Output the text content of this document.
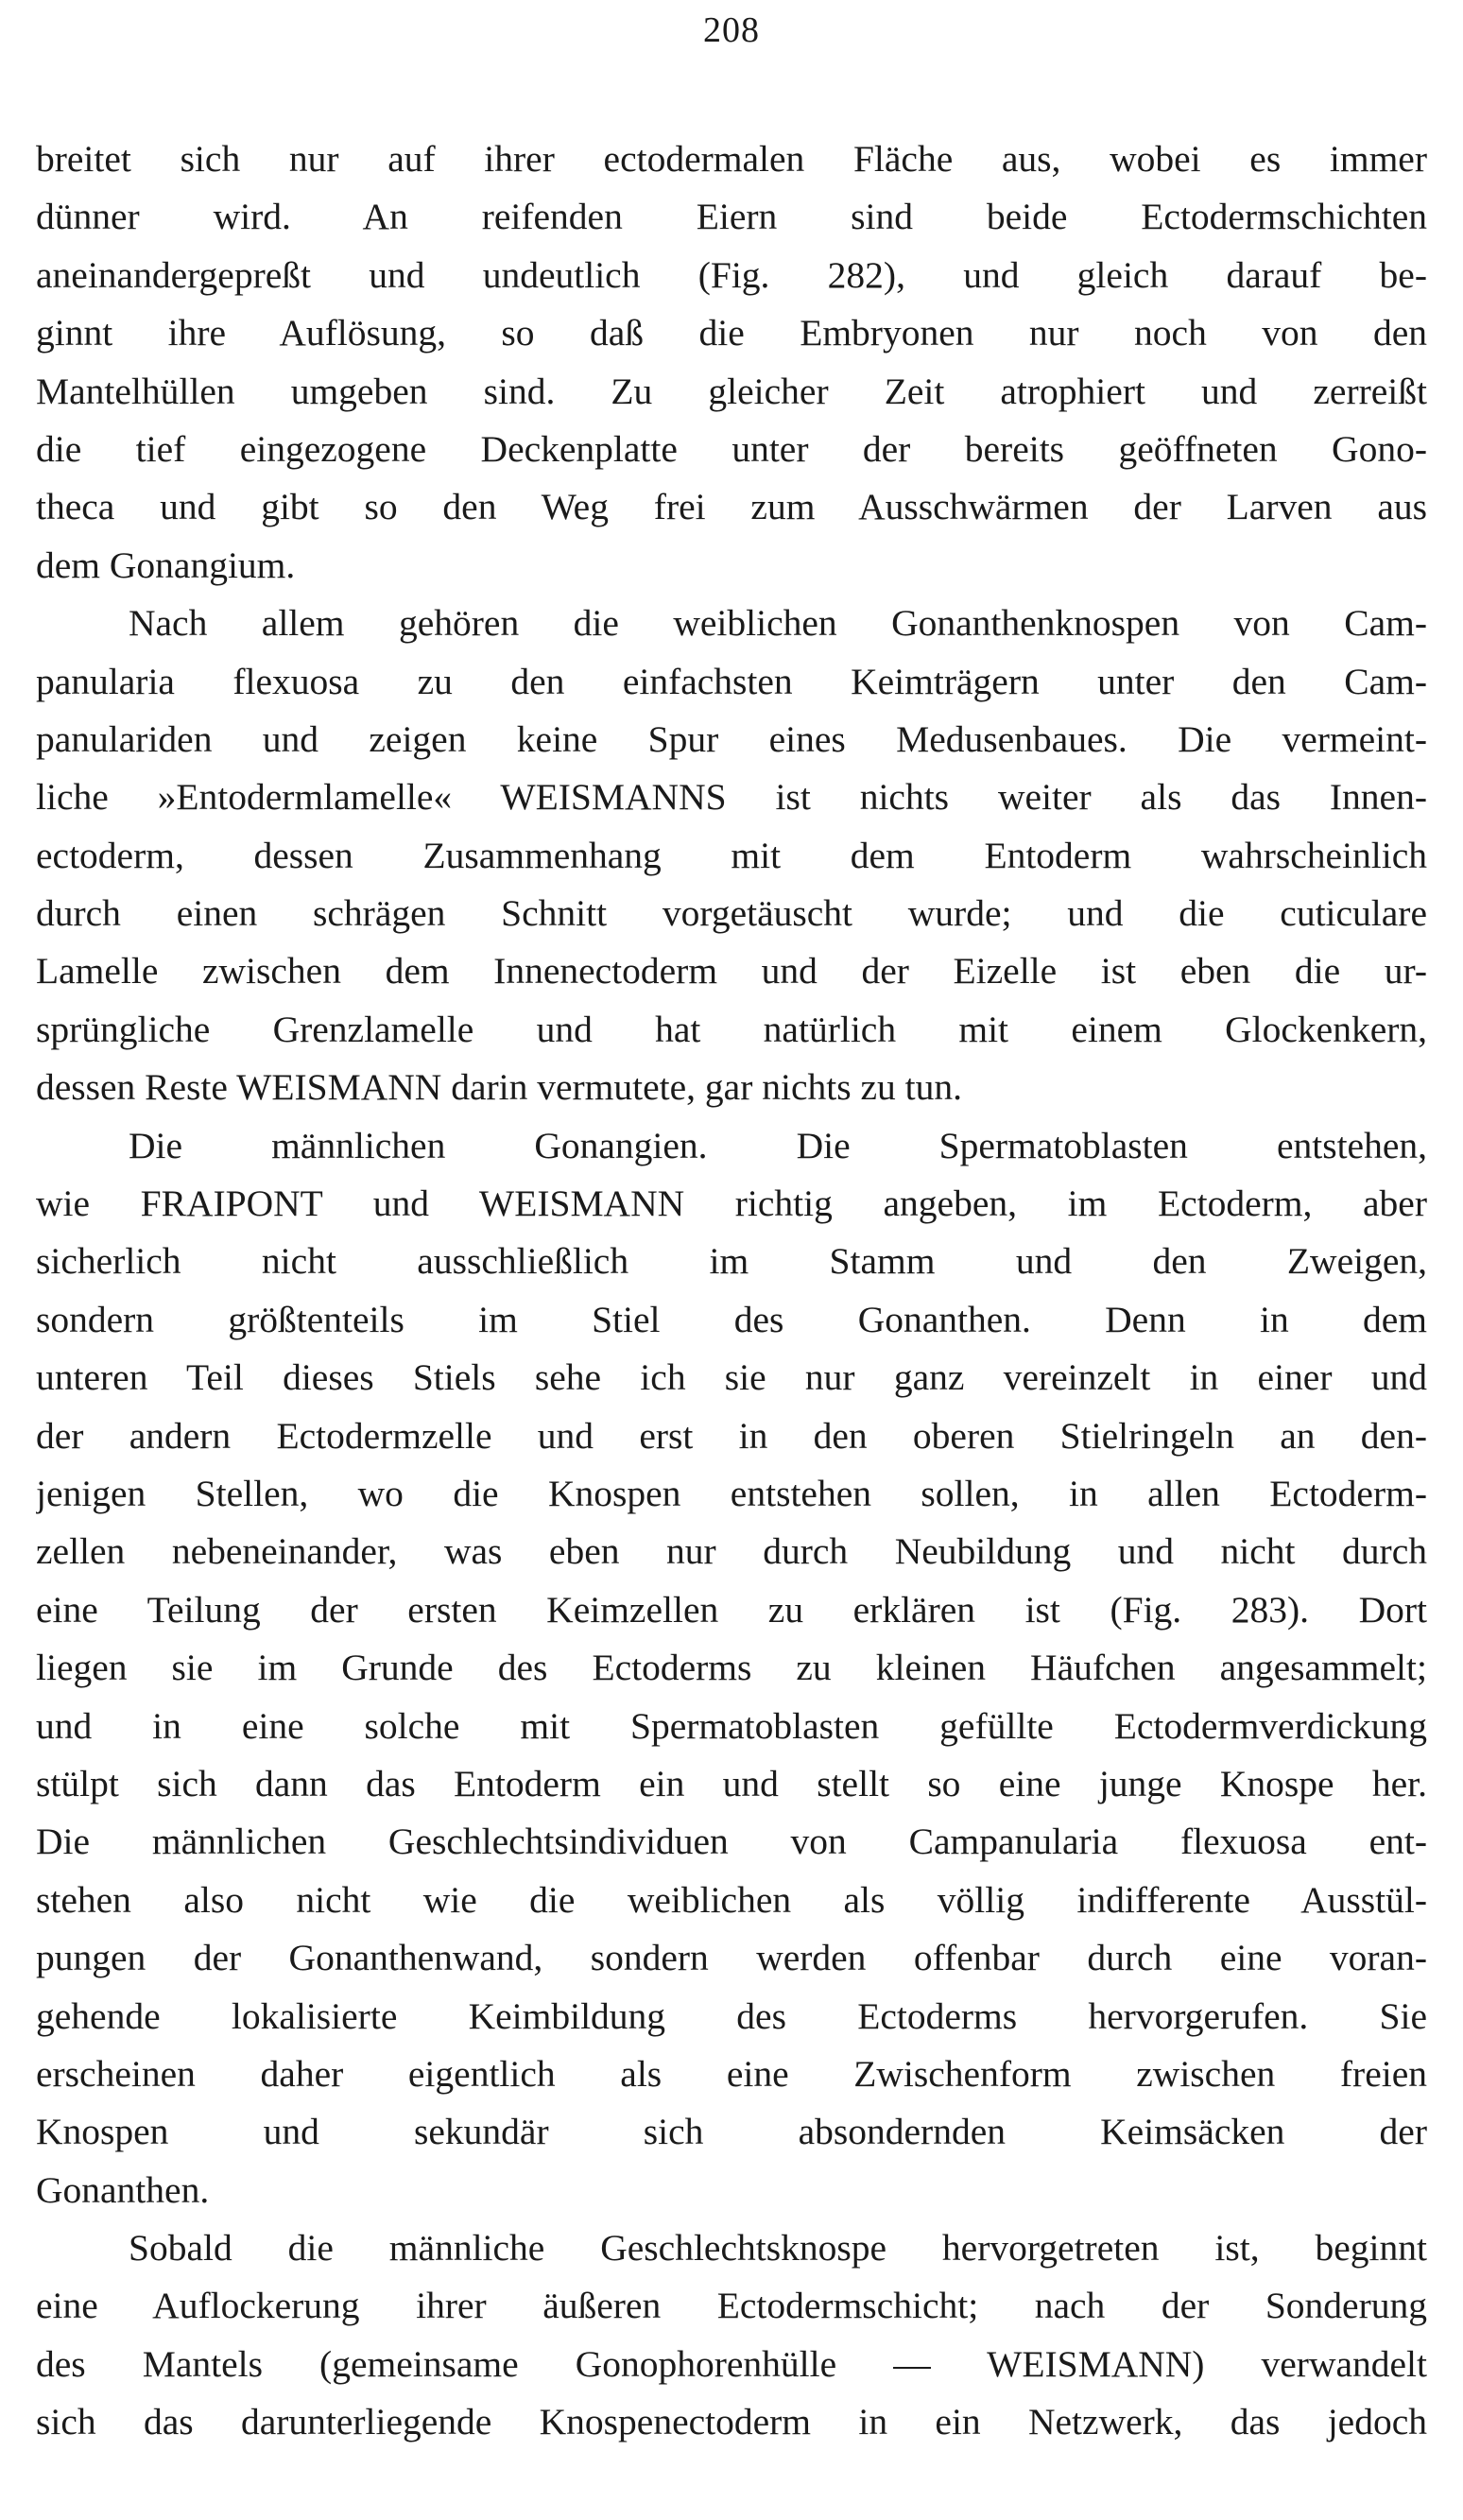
208
breitet sich nur auf ihrer ectodermalen Fläche aus, wobei es immer
dünner wird. An reifenden Eiern sind beide Ectodermschichten
aneinandergepreßt und undeutlich (Fig. 282), und gleich darauf be-
ginnt ihre Auflösung, so daß die Embryonen nur noch von den
Mantelhüllen umgeben sind. Zu gleicher Zeit atrophiert und zerreißt
die tief eingezogene Deckenplatte unter der bereits geöffneten Gono-
theca und gibt so den Weg frei zum Ausschwärmen der Larven aus
dem Gonangium.
Nach allem gehören die weiblichen Gonanthenknospen von Cam-
panularia flexuosa zu den einfachsten Keimträgern unter den Cam-
panulariden und zeigen keine Spur eines Medusenbaues. Die vermeint-
liche »Entodermlamelle« WEISMANNS ist nichts weiter als das Innen-
ectoderm, dessen Zusammenhang mit dem Entoderm wahrscheinlich
durch einen schrägen Schnitt vorgetäuscht wurde; und die cuticulare
Lamelle zwischen dem Innenectoderm und der Eizelle ist eben die ur-
sprüngliche Grenzlamelle und hat natürlich mit einem Glockenkern,
dessen Reste WEISMANN darin vermutete, gar nichts zu tun.
Die männlichen Gonangien. Die Spermatoblasten entstehen,
wie FRAIPONT und WEISMANN richtig angeben, im Ectoderm, aber
sicherlich nicht ausschließlich im Stamm und den Zweigen,
sondern größtenteils im Stiel des Gonanthen. Denn in dem
unteren Teil dieses Stiels sehe ich sie nur ganz vereinzelt in einer und
der andern Ectodermzelle und erst in den oberen Stielringeln an den-
jenigen Stellen, wo die Knospen entstehen sollen, in allen Ectoderm-
zellen nebeneinander, was eben nur durch Neubildung und nicht durch
eine Teilung der ersten Keimzellen zu erklären ist (Fig. 283). Dort
liegen sie im Grunde des Ectoderms zu kleinen Häufchen angesammelt;
und in eine solche mit Spermatoblasten gefüllte Ectodermverdickung
stülpt sich dann das Entoderm ein und stellt so eine junge Knospe her.
Die männlichen Geschlechtsindividuen von Campanularia flexuosa ent-
stehen also nicht wie die weiblichen als völlig indifferente Ausstül-
pungen der Gonanthenwand, sondern werden offenbar durch eine voran-
gehende lokalisierte Keimbildung des Ectoderms hervorgerufen. Sie
erscheinen daher eigentlich als eine Zwischenform zwischen freien
Knospen und sekundär sich absondernden Keimsäcken der
Gonanthen.
Sobald die männliche Geschlechtsknospe hervorgetreten ist, beginnt
eine Auflockerung ihrer äußeren Ectodermschicht; nach der Sonderung
des Mantels (gemeinsame Gonophorenhülle — WEISMANN) verwandelt
sich das darunterliegende Knospenectoderm in ein Netzwerk, das jedoch
